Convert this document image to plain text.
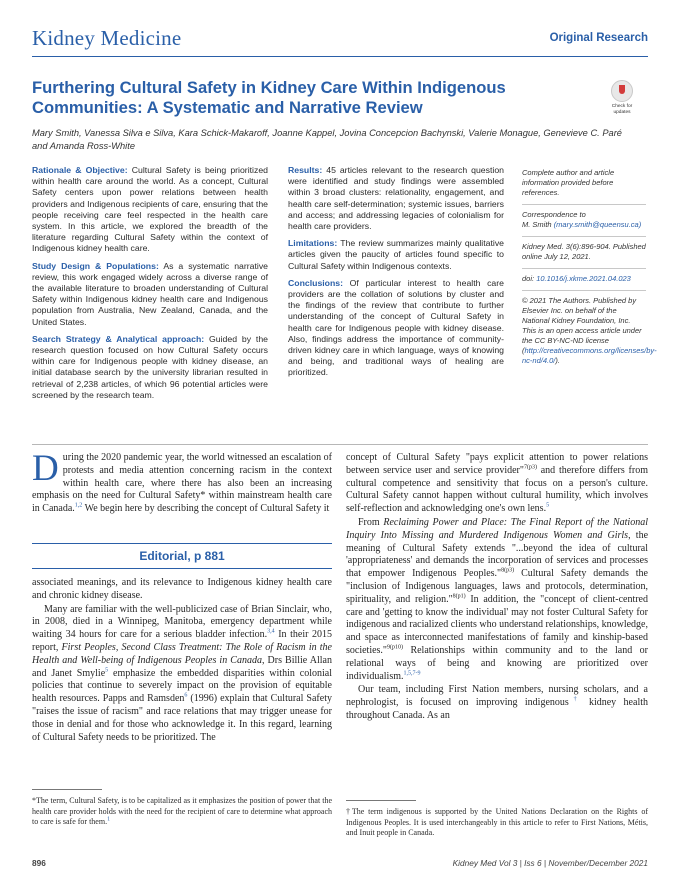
Kidney Medicine	Original Research
Furthering Cultural Safety in Kidney Care Within Indigenous Communities: A Systematic and Narrative Review	Check for updates
Mary Smith, Vanessa Silva e Silva, Kara Schick-Makaroff, Joanne Kappel, Jovina Concepcion Bachynski, Valerie Monague, Genevieve C. Paré and Amanda Ross-White

Rationale & Objective: Cultural Safety is being prioritized within health care around the world. As a concept, Cultural Safety centers upon power relations between health providers and Indigenous recipients of care, ensuring that the people receiving care feel respected in the health care system. In this article, we explored the breadth of the literature regarding Cultural Safety within the context of Indigenous kidney health care.

Study Design & Populations: As a systematic narrative review, this work engaged widely across a diverse range of the available literature to broaden understanding of Cultural Safety within Indigenous kidney health care and Indigenous population from Australia, New Zealand, Canada, and the United States.

Search Strategy & Analytical approach: Guided by the research question focused on how Cultural Safety occurs within care for Indigenous people with kidney disease, an initial database search by the university librarian resulted in retrieval of 2,238 articles, of which 96 potential articles were screened by the research team.

Results: 45 articles relevant to the research question were identified and study findings were assembled within 3 broad clusters: relationality, engagement, and health care self-determination; systemic issues, barriers and access; and addressing legacies of colonialism for health care providers.

Limitations: The review summarizes mainly qualitative articles given the paucity of articles found specific to Cultural Safety within Indigenous contexts.

Conclusions: Of particular interest to health care providers are the collation of solutions by cluster and the findings of the review that contribute to further understanding of the concept of Cultural Safety in health care for Indigenous people with kidney disease. Also, findings address the importance of community-driven kidney care in which language, ways of knowing and being, and traditional ways of healing are prioritized.

Complete author and article information provided before references.

Correspondence to
M. Smith (mary.smith@queensu.ca)

Kidney Med. 3(6):896-904. Published online July 12, 2021.

doi: 10.1016/j.xkme.2021.04.023

© 2021 The Authors. Published by Elsevier Inc. on behalf of the National Kidney Foundation, Inc. This is an open access article under the CC BY-NC-ND license (http://creativecommons.org/licenses/by-nc-nd/4.0/).

During the 2020 pandemic year, the world witnessed an escalation of protests and media attention concerning racism in the context within health care, where there has also been an increasing emphasis on the need for Cultural Safety* within mainstream health care in Canada.$^{1,2}$ We begin here by describing the concept of Cultural Safety it

Editorial, p 881

associated meanings, and its relevance to Indigenous kidney health care and chronic kidney disease.

Many are familiar with the well-publicized case of Brian Sinclair, who, in 2008, died in a Winnipeg, Manitoba, emergency department while waiting 34 hours for care for a serious bladder infection.$^{3,4}$ In their 2015 report, First Peoples, Second Class Treatment: The Role of Racism in the Health and Well-being of Indigenous Peoples in Canada, Drs Billie Allan and Janet Smylie$^5$ emphasize the embedded disparities within colonial policies that continue to severely impact on the provision of equitable health resources. Papps and Ramsden$^6$ (1996) explain that Cultural Safety "raises the issue of racism" and race relations that may trigger unease for those in denial and for those who acknowledge it. In this regard, learning of Cultural Safety needs to be prioritized. The

concept of Cultural Safety "pays explicit attention to power relations between service user and service provider"$^{7(p3)}$ and therefore differs from cultural competence and sensitivity that focus on a person's culture. Cultural Safety cannot happen without cultural humility, which involves self-reflection and acknowledging one's own lens.$^5$

From Reclaiming Power and Place: The Final Report of the National Inquiry Into Missing and Murdered Indigenous Women and Girls, the meaning of Cultural Safety extends "...beyond the idea of cultural 'appropriateness' and demands the incorporation of services and processes that empower Indigenous Peoples."$^{8(p3)}$ Cultural Safety demands the "inclusion of Indigenous languages, laws and protocols, determination, spirituality, and religion."$^{8(p1)}$ In addition, the "concept of client-centred care and 'getting to know the individual' may not foster Cultural Safety for indigenous and racialized clients who understand relationships, knowledge, and space as interconnected manifestations of family and kinship-based societies."$^{9(p10)}$ Relationships within community and to the land or relational ways of being and knowing are prioritized over individualism.$^{1,5,7-9}$

Our team, including First Nation members, nursing scholars, and a nephrologist, is focused on improving indigenous† kidney health throughout Canada. As an

*The term, Cultural Safety, is to be capitalized as it emphasizes the position of power that the health care provider holds with the need for the recipient of care to determine what approach to care is safe for them.$^1$
†The term indigenous is supported by the United Nations Declaration on the Rights of Indigenous Peoples. It is used interchangeably in this article to refer to First Nations, Métis, and Inuit people in Canada.
896	Kidney Med Vol 3 | Iss 6 | November/December 2021
